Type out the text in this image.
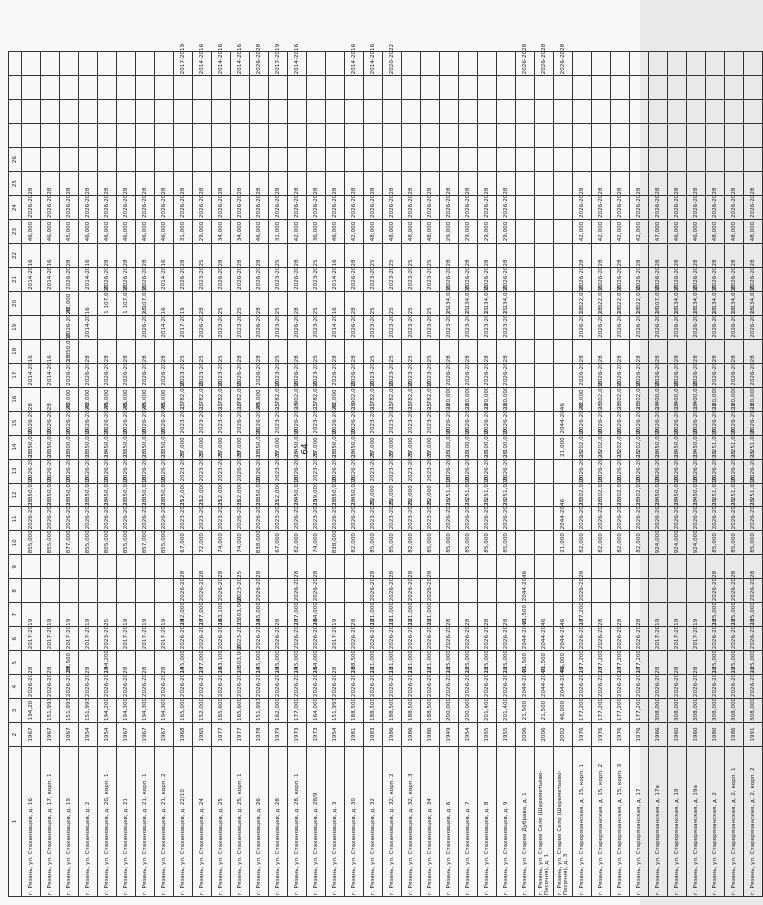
64
1	2	3	4	5	6	7	8	9	10	11	12	13	14	15	16	17	18	19	20	21	22	23	24	25	26				
г. Рязань, ул. Стахановцев, д. 16	1967	194,20	2026-2028		2017-2019				855,000	2026-2028	1 350,000	2026-2028	1 350,000	2026-2028		2014-2016				2014-2016		46,000	2026-2028						
г. Рязань, ул. Стахановцев, д. 17, корп. 1	1967	151,993	2026-2028		2017-2019				855,000	2026-2028	1 350,000	2026-2028	1 350,000	2026-2028		2014-2016				2014-2016		46,000	2026-2028						
г. Рязань, ул. Стахановцев, д. 19	1967	151,993	2026-2028	28,500	2017-2019				877,000	2026-2028	1 350,000	2026-2028	1 300,000	2026-2028	42,000	2026-2028	1 050,000	2026-2028	42,000	2026-2028		45,000	2026-2028						
г. Рязань, ул. Стахановцев, д. 2	1954	151,993	2026-2028		2017-2019				855,000	2026-2028	1 350,000	2026-2028	1 350,000	2026-2028	42,000	2026-2028		2014-2016		2014-2016		46,000	2026-2028						
г. Рязань, ул. Стахановцев, д. 20, корп. 1	1954	194,200	2026-2028	194,200	2023-2025				805,000	2026-2028	1 450,000	2026-2028	1 450,000	2026-2028	45,000	2026-2028			1 107,000	2026-2028		46,000	2026-2028						
г. Рязань, ул. Стахановцев, д. 21	1967	194,300	2026-2028		2017-2019				855,000	2026-2028	1 350,000	2026-2028	1 350,000	2026-2028	45,000	2026-2028			1 107,000	2026-2028		46,000	2026-2028						
г. Рязань, ул. Стахановцев, д. 21, корп. 1	1967	194,300	2026-2028		2017-2019				857,000	2026-2028	1 350,000	2026-2028	1 350,000	2026-2028	45,000	2026-2028		2026-2028	1 107,000	2026-2028		46,000	2026-2028						
г. Рязань, ул. Стахановцев, д. 21, корп. 2	1967	194,300	2026-2028		2017-2019				855,000	2026-2028	1 350,000	2026-2028	1 350,000	2026-2028	45,000	2026-2028		2014-2016		2014-2016		46,000	2026-2028						
г. Рязань, ул. Стахановцев, д. 22/10	1968	165,000	2026-2028	145,000	2026-2028	142,000	2026-2028		67,000	2023-2025	112,000	2023-2025	37,000	2023-2025	1,782,000	2023-2025		2017-2019		2026-2028		31,000	2026-2028						2017-2019
г. Рязань, ул. Стахановцев, д. 24	1965	152,000	2026-2028	177,000	2026-2028	177,000	2026-2028		72,000	2023-2025	112,000	2023-2025	37,000	2023-2025	1,782,000	2023-2025		2026-2028		2023-2025		29,000	2026-2028						2014-2016
г. Рязань, ул. Стахановцев, д. 25	1977	165,600	2026-2028	163,100	2026-2028	163,100	2026-2028		74,000	2023-2025	112,000	2023-2025	37,000	2023-2025	1,782,000	2023-2025		2023-2025		2026-2028		34,000	2026-2028						2014-2016
г. Рязань, ул. Стахановцев, д. 25, корп. 1	1977	165,600	2026-2028	1 503,000	2023-2025	1 503,000	2023-2025		74,000	2026-2028	112,000	2026-2028	37,000	2026-2028	1,782,000	2026-2028		2023-2025		2026-2028		34,000	2026-2028						2014-2016
г. Рязань, ул. Стахановцев, д. 26	1978	151,993	2026-2028	145,000	2026-2028	145,000	2026-2028		838,000	2026-2028	1 350,000	2026-2028	1 350,000	2026-2028	43,000	2026-2028		2026-2028		2026-2028		46,000	2026-2028						2026-2028
г. Рязань, ул. Стахановцев, д. 28	1979	162,000	2026-2028	145,000	2026-2028				67,000	2023-2025	112,000	2023-2025	37,000	2023-2025	1,782,000	2023-2025		2023-2025		2023-2025		31,000	2026-2028						2017-2019
г. Рязань, ул. Стахановцев, д. 28, корп. 1	1973	177,000	2026-2028	145,000	2026-2028	177,000	2026-2028		82,000	2026-2028	1 450,000	2026-2028	1 450,000	2026-2028	1 902,000	2026-2028		2026-2028		2026-2028		42,000	2026-2028						2014-2016
г. Рязань, ул. Стахановцев, д. 28/9	1973	164,000	2026-2028	164,000	2026-2028	164,000	2026-2028		74,000	2023-2025	139,000	2023-2025	37,000	2023-2025	1,782,000	2023-2025		2023-2025		2023-2025		36,000	2026-2028						
г. Рязань, ул. Стахановцев, д. 3	1954	151,993	2026-2028		2017-2019				838,000	2026-2028	1 350,000	2026-2028	1 350,000	2026-2028	42,000	2026-2028		2014-2016		2014-2016		46,000	2026-2028						
г. Рязань, ул. Стахановцев, д. 30	1981	188,500	2026-2028	188,500	2026-2028				82,000	2026-2028	1 450,000	2026-2028	1 450,000	2026-2028	1 902,000	2026-2028		2026-2028		2026-2028		42,000	2026-2028						2014-2016
г. Рязань, ул. Стахановцев, д. 32	1983	188,500	2026-2028	121,000	2026-2028	121,000	2026-2028		85,000	2023-2025	82,000	2023-2025	37,000	2023-2025	1,782,000	2023-2025		2023-2025		2023-2025		48,000	2026-2028						2014-2016
г. Рязань, ул. Стахановцев, д. 32, корп. 2	1986	188,500	2026-2028	121,000	2026-2028	121,000	2026-2028		85,000	2023-2025	82,000	2023-2025	37,000	2023-2025	1,782,000	2023-2025		2023-2025		2023-2025		48,000	2026-2028						2020-2022
г. Рязань, ул. Стахановцев, д. 32, корп. 3	1986	188,500	2026-2028	121,000	2026-2028	121,000	2026-2028		82,000	2023-2025	82,000	2023-2025	37,000	2023-2025	1,782,000	2023-2025		2023-2025		2023-2025		48,000	2026-2028						
г. Рязань, ул. Стахановцев, д. 34	1986	188,500	2026-2028	121,000	2026-2028	121,000	2026-2028		85,000	2023-2025	82,000	2023-2025	37,000	2023-2025	1,782,000	2023-2025		2023-2025		2023-2025		48,000	2026-2028						
г. Рязань, ул. Стахановцев, д. 6	1949	200,000	2026-2028	125,000	2026-2028				85,000	2026-2028	1 251,000	2026-2028	1 100,000	2026-2028	120,000	2026-2028		2023-2025	1 134,000	2026-2028		29,000	2026-2028						
г. Рязань, ул. Стахановцев, д. 7	1954	200,000	2026-2028	125,000	2026-2028				85,000	2026-2028	1 251,000	2026-2028	1 100,000	2026-2028	120,000	2026-2028		2023-2025	1 134,000	2026-2028		29,000	2026-2028						
г. Рязань, ул. Стахановцев, д. 8	1955	201,400	2026-2028	125,000	2026-2028				85,000	2026-2028	1 251,000	2026-2028	1 100,000	2026-2028	120,000	2026-2028		2023-2025	1 134,000	2026-2028		29,000	2026-2028						
г. Рязань, ул. Стахановцев, д. 9	1955	201,400	2026-2028	125,000	2026-2028				85,000	2026-2028	1 251,000	2026-2028	1 100,000	2026-2028	120,000	2026-2028		2023-2025	1 134,000	2026-2028		29,000	2026-2028						
г. Рязань, ул. Старое Дубрава, д. 1	2006	21,500	2044-2046	21,500	2044-2046	21,500	2044-2046																						2026-2028
г. Рязань, ул. Старое Село (Шереметьево-Песочня), д. 1	2006	21,500	2044-2046	21,500	2044-2046																								2026-2028
г. Рязань, ул. Старое Село (Шереметьево-Песочня), д. 3	2002	46,000	2044-2046	46,000	2044-2046				21,000	2044-2046			21,000	2044-2046															2026-2028
г. Рязань, ул. Старорязанская, д. 15, корп. 1	1976	177,200	2026-2028	177,200	2026-2028	177,200	2026-2028		82,000	2026-2028	1 302,000	2026-2028	1 202,000	2026-2028	42,000	2026-2028		2026-2028	1 322,000	2026-2028		42,000	2026-2028						
г. Рязань, ул. Старорязанская, д. 15, корп. 2	1976	177,200	2026-2028	177,200	2026-2028				82,000	2026-2028	1 302,000	2026-2028	1 202,000	2026-2028	1 302,000	2026-2028		2026-2028	1 322,000	2026-2028		42,000	2026-2028						
г. Рязань, ул. Старорязанская, д. 15, корп. 3	1976	177,200	2026-2028	177,200	2026-2028				82,000	2026-2028	1 302,000	2026-2028	1 202,000	2026-2028	1 302,000	2026-2028		2026-2028	1 322,000	2026-2028		42,000	2026-2028						
г. Рязань, ул. Старорязанская, д. 17	1976	177,200	2026-2028	177,200	2026-2028				82,000	2026-2028	1 302,000	2026-2028	1 202,000	2026-2028	1 302,000	2026-2028		2026-2028	1 322,000	2026-2028		42,000	2026-2028						
г. Рязань, ул. Старорязанская, д. 17а	1966	308,000	2026-2028		2017-2019				924,000	2026-2028	1 450,000	2026-2028	1 450,000	2026-2028	1 400,000	2026-2028		2026-2028	1 107,000	2026-2028		47,000	2026-2028						
г. Рязань, ул. Старорязанская, д. 19	1960	308,000	2026-2028		2017-2019				924,000	2026-2028	1 450,000	2026-2028	1 450,000	2026-2028	1 400,000	2026-2028		2026-2028	1 134,000	2026-2028		46,000	2026-2028						
г. Рязань, ул. Старорязанская, д. 19а	1960	308,000	2026-2028		2017-2019				924,000	2026-2028	1 450,000	2026-2028	1 450,000	2026-2028	1 400,000	2026-2028		2026-2028	1 134,000	2026-2028		46,000	2026-2028						
г. Рязань, ул. Старорязанская, д. 2	1980	308,000	2026-2028	125,000	2026-2028	125,000	2026-2028		85,000	2026-2028	1 251,000	2026-2028	1 251,000	2026-2028	120,000	2026-2028		2026-2028	1 134,000	2026-2028		48,000	2026-2028						
г. Рязань, ул. Старорязанская, д. 2, корп. 1	1986	308,000	2026-2028	125,000	2026-2028	125,000	2026-2028		85,000	2026-2028	1 251,000	2026-2028	1 251,000	2026-2028	120,000	2026-2028		2026-2028	1 134,000	2026-2028		48,000	2026-2028						
г. Рязань, ул. Старорязанская, д. 2, корп. 2	1991	308,000	2026-2028	125,000	2026-2028	125,000	2026-2028		85,000	2026-2028	1 251,000	2026-2028	1 251,000	2026-2028	120,000	2026-2028		2026-2028	1 134,000	2026-2028		48,000	2026-2028						
